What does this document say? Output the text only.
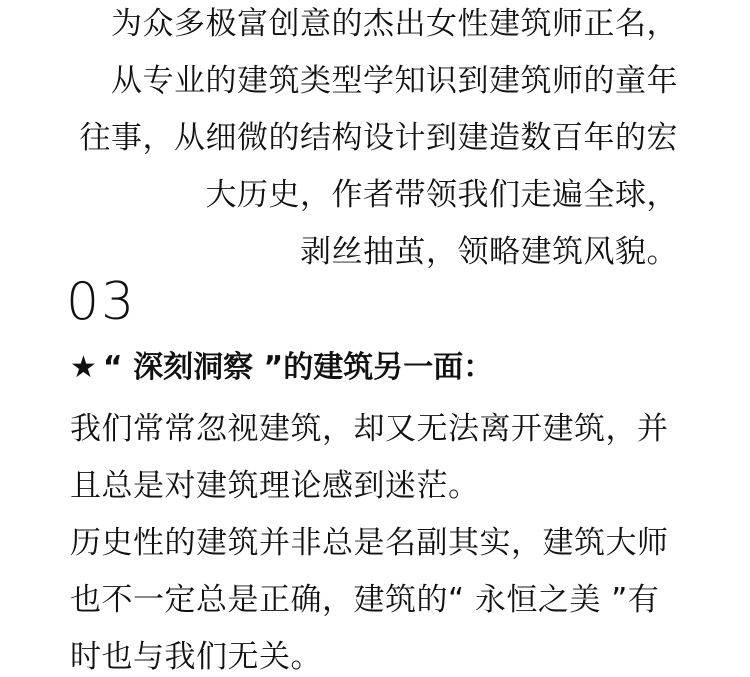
为众多极富创意的杰出女性建筑师正名，
从专业的建筑类型学知识到建筑师的童年
往事，从细微的结构设计到建造数百年的宏
大历史，作者带领我们走遍全球，
剥丝抽茧，领略建筑风貌。
03
★ “ 深刻洞察 ”的建筑另一面：
我们常常忽视建筑，却又无法离开建筑，并
且总是对建筑理论感到迷茫。
历史性的建筑并非总是名副其实，建筑大师
也不一定总是正确，建筑的“ 永恒之美 ”有
时也与我们无关。
